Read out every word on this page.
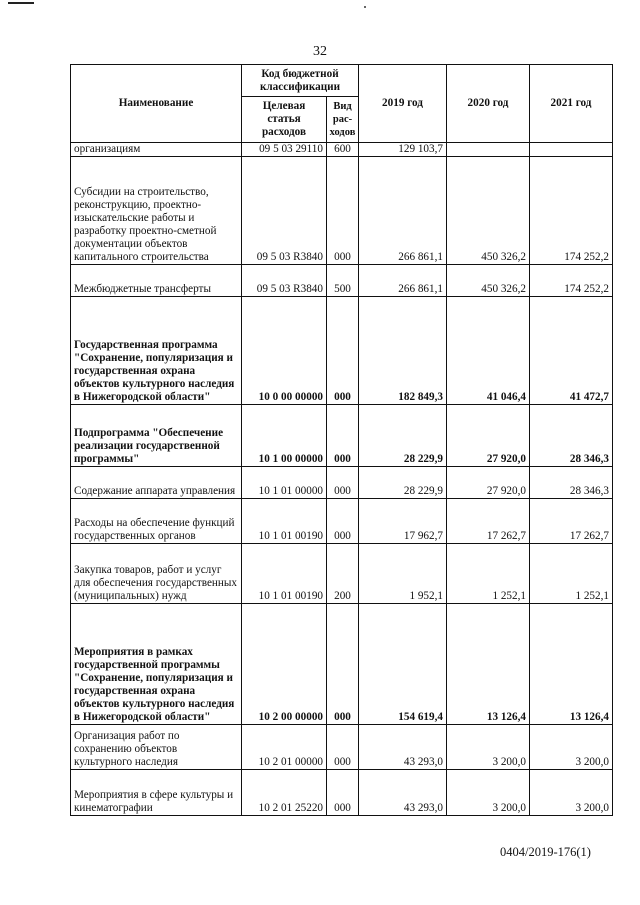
32
Наименование	Код бюджетной классификации		2019 год	2020 год	2021 год
	Целевая статья расходов	Вид рас-ходов			
организациям	09 5 03 29110	600	129 103,7		
Субсидии на строительство, реконструкцию, проектно-изыскательские работы и разработку проектно-сметной документации объектов капитального строительства	09 5 03 R3840	000	266 861,1	450 326,2	174 252,2
Межбюджетные трансферты	09 5 03 R3840	500	266 861,1	450 326,2	174 252,2
Государственная программа "Сохранение, популяризация и государственная охрана объектов культурного наследия в Нижегородской области"	10 0 00 00000	000	182 849,3	41 046,4	41 472,7
Подпрограмма "Обеспечение реализации государственной программы"	10 1 00 00000	000	28 229,9	27 920,0	28 346,3
Содержание аппарата управления	10 1 01 00000	000	28 229,9	27 920,0	28 346,3
Расходы на обеспечение функций государственных органов	10 1 01 00190	000	17 962,7	17 262,7	17 262,7
Закупка товаров, работ и услуг для обеспечения государственных (муниципальных) нужд	10 1 01 00190	200	1 952,1	1 252,1	1 252,1
Мероприятия в рамках государственной программы "Сохранение, популяризация и государственная охрана объектов культурного наследия в Нижегородской области"	10 2 00 00000	000	154 619,4	13 126,4	13 126,4
Организация работ по сохранению объектов культурного наследия	10 2 01 00000	000	43 293,0	3 200,0	3 200,0
Мероприятия в сфере культуры и кинематографии	10 2 01 25220	000	43 293,0	3 200,0	3 200,0
0404/2019-176(1)
